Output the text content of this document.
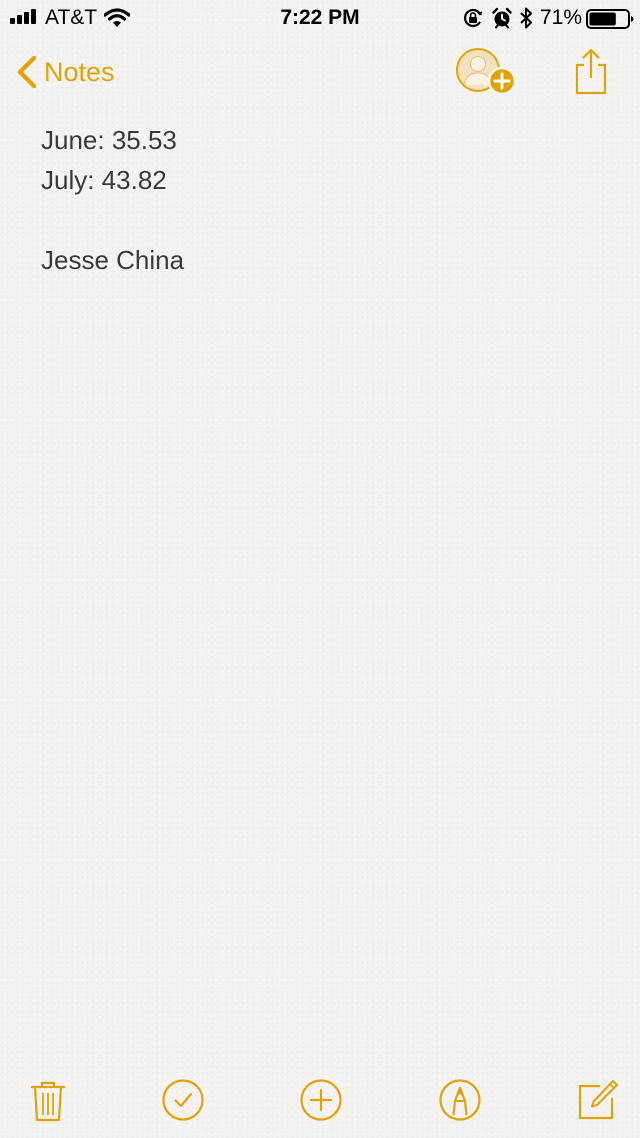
AT&T	7:22 PM	71%
Notes
June: 35.53
July: 43.82
Jesse China
